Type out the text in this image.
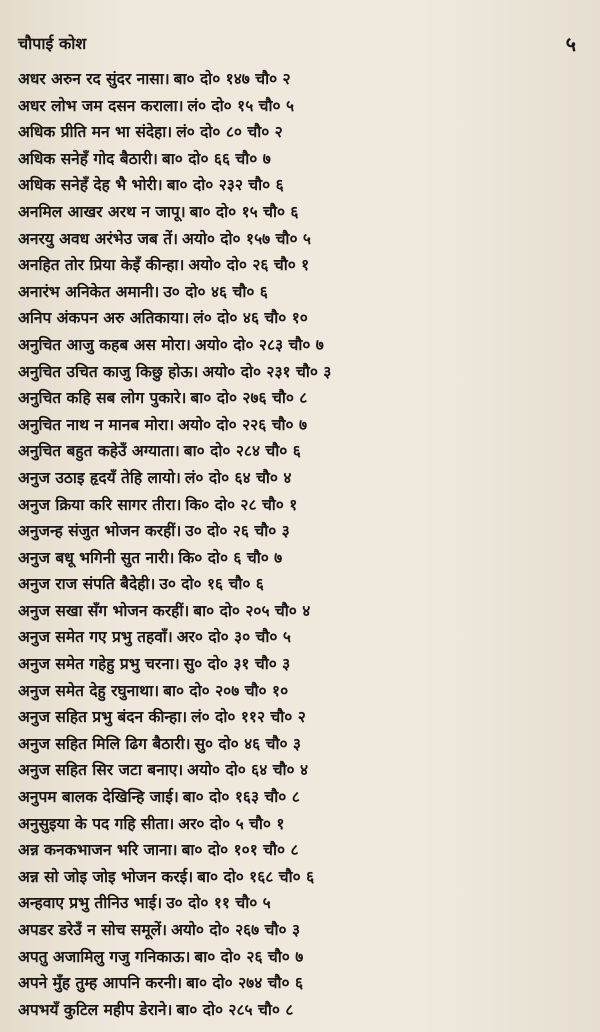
चौपाई कोश	५
अधर अरुन रद सुंदर नासा। बा० दो० १४७ चौ० २
अधर लोभ जम दसन कराला। लं० दो० १५ चौ० ५
अधिक प्रीति मन भा संदेहा। लं० दो० ८० चौ० २
अधिक सनेहँ गोद बैठारी। बा० दो० ६६ चौ० ७
अधिक सनेहँ देह भै भोरी। बा० दो० २३२ चौ० ६
अनमिल आखर अरथ न जापू। बा० दो० १५ चौ० ६
अनरयु अवध अरंभेउ जब तें। अयो० दो० १५७ चौ० ५
अनहित तोर प्रिया केइँ कीन्हा। अयो० दो० २६ चौ० १
अनारंभ अनिकेत अमानी। उ० दो० ४६ चौ० ६
अनिप अंकपन अरु अतिकाया। लं० दो० ४६ चौ० १०
अनुचित आजु कहब अस मोरा। अयो० दो० २८३ चौ० ७
अनुचित उचित काजु किछु होऊ। अयो० दो० २३१ चौ० ३
अनुचित कहि सब लोग पुकारे। बा० दो० २७६ चौ० ८
अनुचित नाथ न मानब मोरा। अयो० दो० २२६ चौ० ७
अनुचित बहुत कहेउँ अग्याता। बा० दो० २८४ चौ० ६
अनुज उठाइ हृदयँ तेहि लायो। लं० दो० ६४ चौ० ४
अनुज क्रिया करि सागर तीरा। कि० दो० २८ चौ० १
अनुजन्ह संजुत भोजन करहीं। उ० दो० २६ चौ० ३
अनुज बधू भगिनी सुत नारी। कि० दो० ६ चौ० ७
अनुज राज संपति बैदेही। उ० दो० १६ चौ० ६
अनुज सखा सँग भोजन करहीं। बा० दो० २०५ चौ० ४
अनुज समेत गए प्रभु तहवाँ। अर० दो० ३० चौ० ५
अनुज समेत गहेहु प्रभु चरना। सु० दो० ३१ चौ० ३
अनुज समेत देहु रघुनाथा। बा० दो० २०७ चौ० १०
अनुज सहित प्रभु बंदन कीन्हा। लं० दो० ११२ चौ० २
अनुज सहित मिलि ढिग बैठारी। सु० दो० ४६ चौ० ३
अनुज सहित सिर जटा बनाए। अयो० दो० ६४ चौ० ४
अनुपम बालक देखिन्हि जाई। बा० दो० १६३ चौ० ८
अनुसुइया के पद गहि सीता। अर० दो० ५ चौ० १
अन्न कनकभाजन भरि जाना। बा० दो० १०१ चौ० ८
अन्न सो जोइ जोइ भोजन करई। बा० दो० १६८ चौ० ६
अन्हवाए प्रभु तीनिउ भाई। उ० दो० ११ चौ० ५
अपडर डरेउँ न सोच समूलें। अयो० दो० २६७ चौ० ३
अपतु अजामिलु गजु गनिकाऊ। बा० दो० २६ चौ० ७
अपने मुँह तुम्ह आपनि करनी। बा० दो० २७४ चौ० ६
अपभयँ कुटिल महीप डेराने। बा० दो० २८५ चौ० ८
